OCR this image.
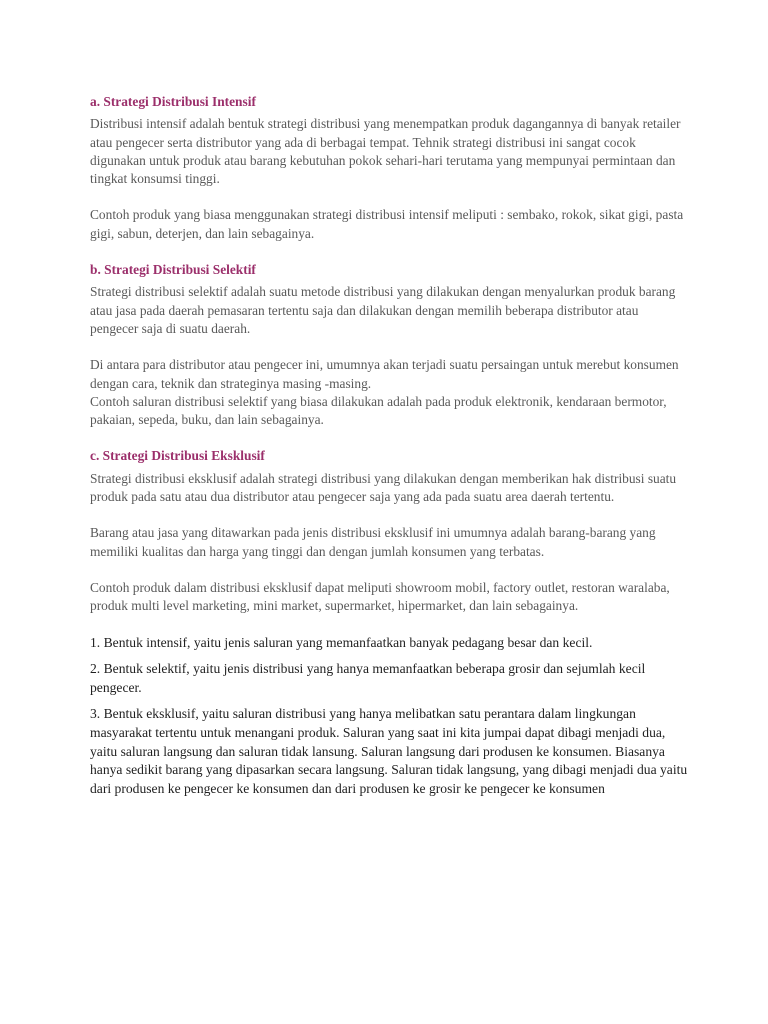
a. Strategi Distribusi Intensif

Distribusi intensif adalah bentuk strategi distribusi yang menempatkan produk dagangannya di banyak retailer atau pengecer serta distributor yang ada di berbagai tempat. Tehnik strategi distribusi ini sangat cocok digunakan untuk produk atau barang kebutuhan pokok sehari-hari terutama yang mempunyai permintaan dan tingkat konsumsi tinggi.

Contoh produk yang biasa menggunakan strategi distribusi intensif meliputi : sembako, rokok, sikat gigi, pasta gigi, sabun, deterjen, dan lain sebagainya.

b. Strategi Distribusi Selektif

Strategi distribusi selektif adalah suatu metode distribusi yang dilakukan dengan menyalurkan produk barang atau jasa pada daerah pemasaran tertentu saja dan dilakukan dengan memilih beberapa distributor atau pengecer saja di suatu daerah.

Di antara para distributor atau pengecer ini, umumnya akan terjadi suatu persaingan untuk merebut konsumen dengan cara, teknik dan strateginya masing -masing.

Contoh saluran distribusi selektif yang biasa dilakukan adalah pada produk elektronik, kendaraan bermotor, pakaian, sepeda, buku, dan lain sebagainya.

c. Strategi Distribusi Eksklusif

Strategi distribusi eksklusif adalah strategi distribusi yang dilakukan dengan memberikan hak distribusi suatu produk pada satu atau dua distributor atau pengecer saja yang ada pada suatu area daerah tertentu.

Barang atau jasa yang ditawarkan pada jenis distribusi eksklusif ini umumnya adalah barang-barang yang memiliki kualitas dan harga yang tinggi dan dengan jumlah konsumen yang terbatas.

Contoh produk dalam distribusi eksklusif dapat meliputi showroom mobil, factory outlet, restoran waralaba, produk multi level marketing, mini market, supermarket, hipermarket, dan lain sebagainya.

1. Bentuk intensif, yaitu jenis saluran yang memanfaatkan banyak pedagang besar dan kecil.

2. Bentuk selektif, yaitu jenis distribusi yang hanya memanfaatkan beberapa grosir dan sejumlah kecil pengecer.

3. Bentuk eksklusif, yaitu saluran distribusi yang hanya melibatkan satu perantara dalam lingkungan masyarakat tertentu untuk menangani produk. Saluran yang saat ini kita jumpai dapat dibagi menjadi dua, yaitu saluran langsung dan saluran tidak lansung. Saluran langsung dari produsen ke konsumen. Biasanya hanya sedikit barang yang dipasarkan secara langsung. Saluran tidak langsung, yang dibagi menjadi dua yaitu dari produsen ke pengecer ke konsumen dan dari produsen ke grosir ke pengecer ke konsumen
